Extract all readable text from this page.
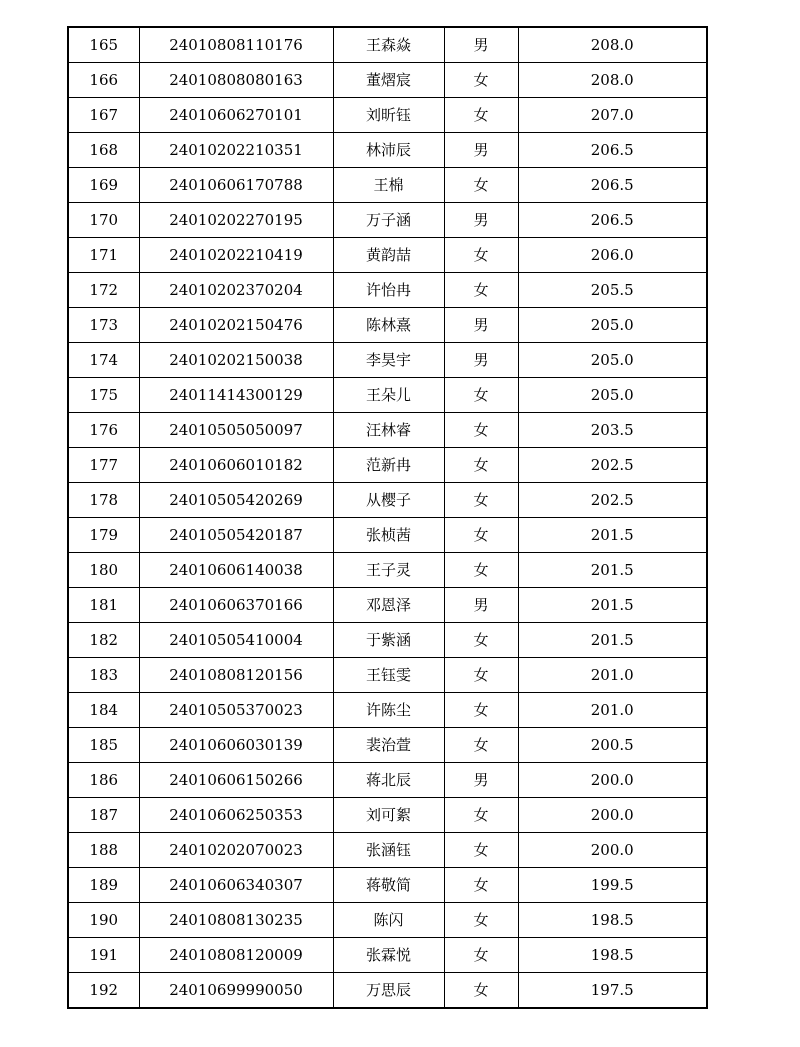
165	24010808110176	王森焱	男	208.0
166	24010808080163	董熠宸	女	208.0
167	24010606270101	刘昕钰	女	207.0
168	24010202210351	林沛辰	男	206.5
169	24010606170788	王棉	女	206.5
170	24010202270195	万子涵	男	206.5
171	24010202210419	黄韵喆	女	206.0
172	24010202370204	许怡冉	女	205.5
173	24010202150476	陈林熹	男	205.0
174	24010202150038	李昊宇	男	205.0
175	24011414300129	王朵儿	女	205.0
176	24010505050097	汪林睿	女	203.5
177	24010606010182	范新冉	女	202.5
178	24010505420269	从樱子	女	202.5
179	24010505420187	张桢茜	女	201.5
180	24010606140038	王子灵	女	201.5
181	24010606370166	邓恩泽	男	201.5
182	24010505410004	于紫涵	女	201.5
183	24010808120156	王钰雯	女	201.0
184	24010505370023	许陈尘	女	201.0
185	24010606030139	裴治萱	女	200.5
186	24010606150266	蒋北辰	男	200.0
187	24010606250353	刘可絮	女	200.0
188	24010202070023	张涵钰	女	200.0
189	24010606340307	蒋敬简	女	199.5
190	24010808130235	陈闪	女	198.5
191	24010808120009	张霖悦	女	198.5
192	24010699990050	万思辰	女	197.5
